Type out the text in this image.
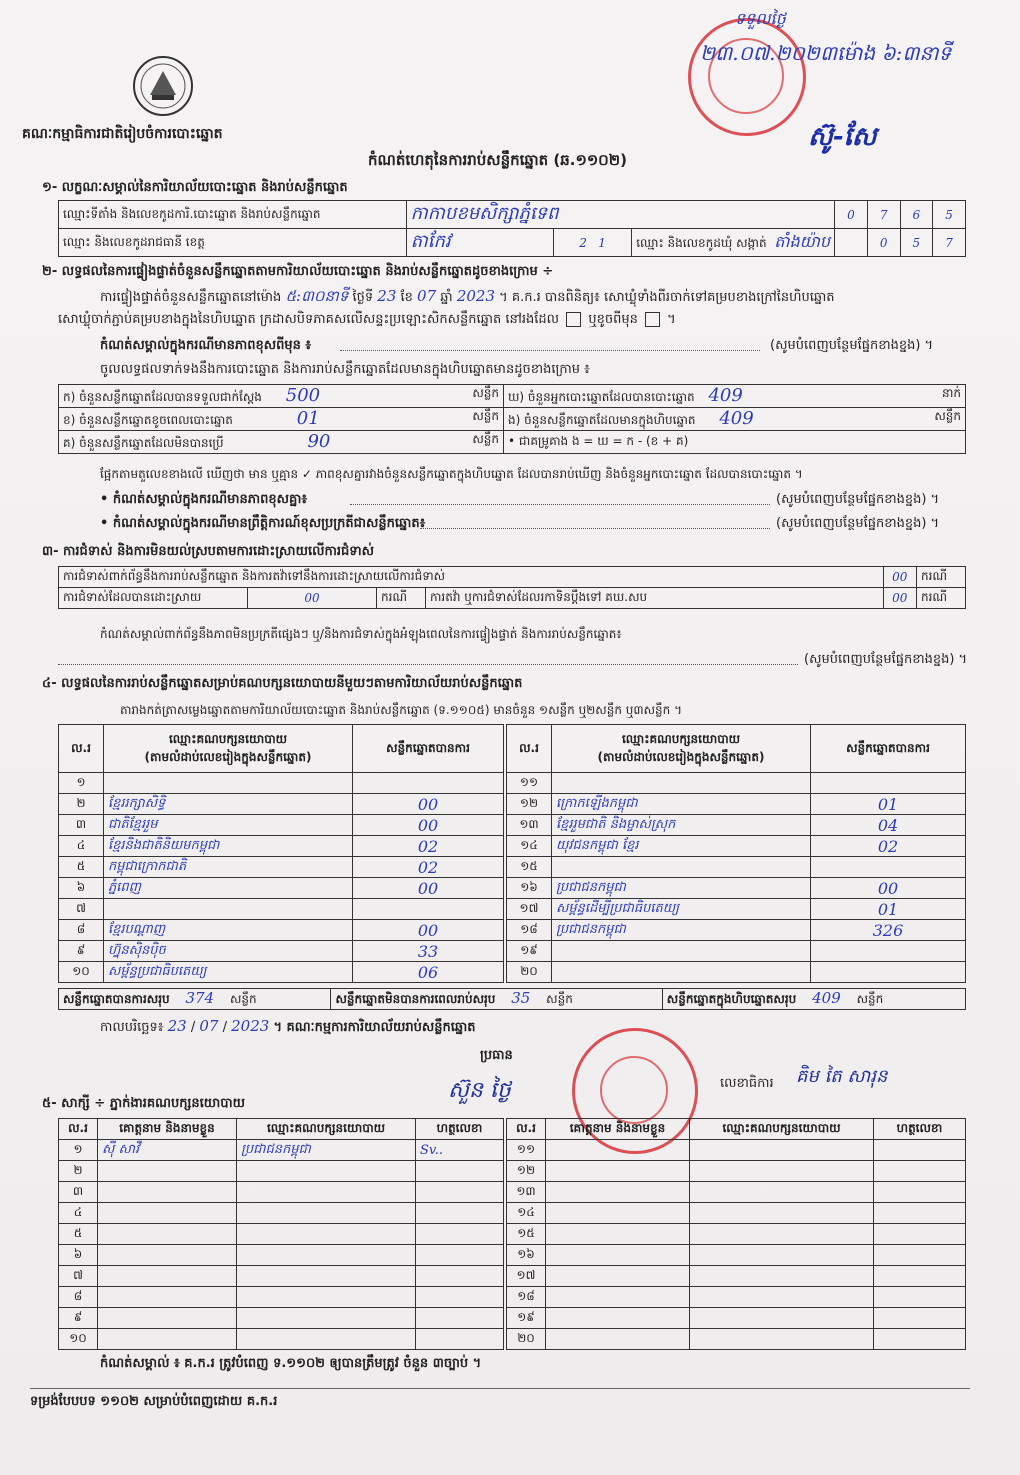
គណៈកម្មាធិការជាតិរៀបចំការបោះឆ្នោត
ទទួលថ្ងៃ
២៣.០៧.២០២៣ម៉ោង ៦:៣នាទី
ស៊ូ-សែ
កំណត់ហេតុនៃការរាប់សន្លឹកឆ្នោត (ឆ.១១០២)
១- លក្ខណៈសម្គាល់នៃការិយាល័យបោះឆ្នោត និងរាប់សន្លឹកឆ្នោត
ឈ្មោះទីតាំង និងលេខកូដការិ.បោះឆ្នោត និងរាប់សន្លឹកឆ្នោត	កាកាបខមសិក្សាភ្នំទេព			0	7	6	5
ឈ្មោះ និងលេខកូដរាជធានី ខេត្ត	តាកែវ	2 1	ឈ្មោះ និងលេខកូដឃុំ សង្កាត់ តាំងយ៉ាប		0	5	7
២- លទ្ធផលនៃការផ្ទៀងផ្ទាត់ចំនួនសន្លឹកឆ្នោតតាមការិយាល័យបោះឆ្នោត និងរាប់សន្លឹកឆ្នោតដូចខាងក្រោម ÷
ការផ្ទៀងផ្ទាត់ចំនួនសន្លឹកឆ្នោតនៅម៉ោង ៥:៣០នាទី ថ្ងៃទី 23 ខែ 07 ឆ្នាំ 2023 ។ គ.ក.រ បានពិនិត្យ៖ សោឃ្លុំទាំងពីរចាក់ទៅគម្របខាងក្រៅនៃហិបឆ្នោត
សោឃ្លុំចាក់ភ្ជាប់គម្របខាងក្នុងនៃហិបឆ្នោត ក្រដាសបិទភាគសលើសន្ទះប្រឡោះសិកសន្លឹកឆ្នោត នៅរងដែល ឬខូចពីមុន  ។
កំណត់សម្គាល់ក្នុងករណីមានភាពខុសពីមុន ៖	(សូមបំពេញបន្ថែមផ្នែកខាងខ្នង) ។
ចូលលទ្ធផលទាក់ទងនឹងការបោះឆ្នោត និងការរាប់សន្លឹកឆ្នោតដែលមានក្នុងហិបឆ្នោតមានដូចខាងក្រោម ៖
ក) ចំនួនសន្លឹកឆ្នោតដែលបានទទួលជាក់ស្ដែង 500 សន្លឹក	ឃ) ចំនួនអ្នកបោះឆ្នោតដែលបានបោះឆ្នោត 409 នាក់

ខ) ចំនួនសន្លឹកឆ្នោតខូចពេលបោះឆ្នោត 01 សន្លឹក	ង) ចំនួនសន្លឹកឆ្នោតដែលមានក្នុងហិបឆ្នោត 409 សន្លឹក

គ) ចំនួនសន្លឹកឆ្នោតដែលមិនបានប្រើ 90 សន្លឹក	• ជាគម្រូគាង ង = ឃ = ក - (ខ + គ)
ផ្អែកតាមតួលេខខាងលើ ឃើញថា មាន ឬគ្មាន ✓ ភាពខុសគ្នារវាងចំនួនសន្លឹកឆ្នោតក្នុងហិបឆ្នោត ដែលបានរាប់ឃើញ និងចំនួនអ្នកបោះឆ្នោត ដែលបានបោះឆ្នោត ។
• កំណត់សម្គាល់ក្នុងករណីមានភាពខុសគ្នា៖	(សូមបំពេញបន្ថែមផ្នែកខាងខ្នង) ។
• កំណត់សម្គាល់ក្នុងករណីមានព្រឹត្តិការណ៍ខុសប្រក្រតីជាសន្លឹកឆ្នោត៖	(សូមបំពេញបន្ថែមផ្នែកខាងខ្នង) ។
៣- ការជំទាស់ និងការមិនយល់ស្របតាមការដោះស្រាយលើការជំទាស់
ការជំទាស់ពាក់ព័ន្ធនឹងការរាប់សន្លឹកឆ្នោត និងការតវ៉ាទៅនឹងការដោះស្រាយលើការជំទាស់				00	ករណី
ការជំទាស់ដែលបានដោះស្រាយ	00	ករណី	ការតវ៉ា ឬការជំទាស់ដែលរកាទិនប្ដឹងទៅ គឃ.សប	00	ករណី
កំណត់សម្គាល់ពាក់ព័ន្ធនឹងភាពមិនប្រក្រតីផ្សេងៗ ឬ/និងការជំទាស់ក្នុងអំឡុងពេលនៃការផ្ទៀងផ្ទាត់ និងការរាប់សន្លឹកឆ្នោត៖
(សូមបំពេញបន្ថែមផ្នែកខាងខ្នង) ។
៤- លទ្ធផលនៃការរាប់សន្លឹកឆ្នោតសម្រាប់គណបក្សនយោបាយនីមួយៗតាមការិយាល័យរាប់សន្លឹកឆ្នោត
តារាងកត់ត្រាសម្លេងឆ្នោតតាមការិយាល័យបោះឆ្នោត និងរាប់សន្លឹកឆ្នោត (ទ.១១០៥) មានចំនួន ១សន្លឹក ឬ២សន្លឹក ឬ៣សន្លឹក ។
ល.រ	ឈ្មោះគណបក្សនយោបាយ
(តាមលំដាប់លេខរៀងក្នុងសន្លឹកឆ្នោត)	សន្លឹកឆ្នោតបានការ
១		
២	ខ្មែររក្សាសិទ្ធិ	00
៣	ជាតិខ្មែររួម	00
៤	ខ្មែរនិងជាតិនិយមកម្ពុជា	02
៥	កម្ពុជាក្រោកជាតិ	02
៦	ភ្នំពេញ	00
៧		
៨	ខ្មែរបណ្ដាញ	00
៩	ហ្វ៊ុនស៊ិនប៉ិច	33
១០	សម្ព័ន្ធប្រជាធិបតេយ្យ	06
ល.រ	ឈ្មោះគណបក្សនយោបាយ
(តាមលំដាប់លេខរៀងក្នុងសន្លឹកឆ្នោត)	សន្លឹកឆ្នោតបានការ
១១		
១២	ក្រោកឡើងកម្ពុជា	01
១៣	ខ្មែររួមជាតិ និងម្ចាស់ស្រុក	04
១៤	យុវជនកម្ពុជា ខ្មែរ	02
១៥		
១៦	ប្រជាជនកម្ពុជា	00
១៧	សម្ព័ន្ធដើម្បីប្រជាធិបតេយ្យ	01
១៨	ប្រជាជនកម្ពុជា	326
១៩		
២០		
សន្លឹកឆ្នោតបានការសរុប 374 សន្លឹក	សន្លឹកឆ្នោតមិនបានការពេលរាប់សរុប 35 សន្លឹក	សន្លឹកឆ្នោតក្នុងហិបឆ្នោតសរុប 409 សន្លឹក
កាលបរិច្ឆេទ៖ 23 / 07 / 2023 ។ គណៈកម្មការការិយាល័យរាប់សន្លឹកឆ្នោត
ប្រធាន
ស៊ួន ថ្ងៃ	លេខាធិការ គិម តៃ សារុន
៥- សាក្សី ÷ ភ្នាក់ងារគណបក្សនយោបាយ
ល.រ	គោត្តនាម និងនាមខ្លួន	ឈ្មោះគណបក្សនយោបាយ	ហត្ថលេខា
១	ស៊ី សាវី	ប្រជាជនកម្ពុជា	Sv..
២			
៣			
៤			
៥			
៦			
៧			
៨			
៩			
១០			
ល.រ	គោត្តនាម និងនាមខ្លួន	ឈ្មោះគណបក្សនយោបាយ	ហត្ថលេខា
១១			
១២			
១៣			
១៤			
១៥			
១៦			
១៧			
១៨			
១៩			
២០			
កំណត់សម្គាល់ ៖ គ.ក.រ ត្រូវបំពេញ ទ.១១០២ ឲ្យបានត្រឹមត្រូវ ចំនួន ៣ច្បាប់ ។
ទម្រង់បែបបទ ១១០២ សម្រាប់បំពេញដោយ គ.ក.រ
